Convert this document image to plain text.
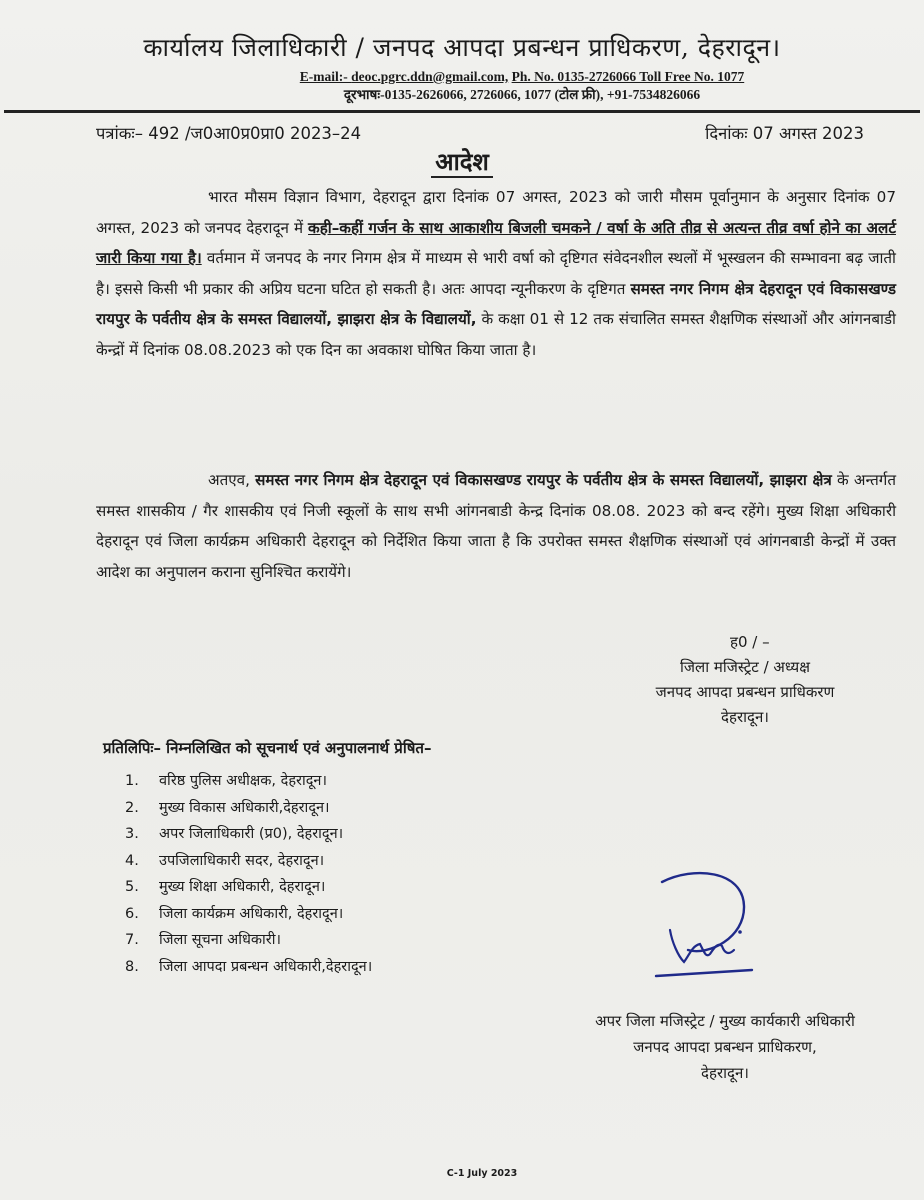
कार्यालय जिलाधिकारी / जनपद आपदा प्रबन्धन प्राधिकरण, देहरादून।
E-mail:- deoc.pgrc.ddn@gmail.com, Ph. No. 0135-2726066 Toll Free No. 1077
दूरभाषः-0135-2626066, 2726066, 1077 (टोल फ्री), +91-7534826066
पत्रांकः– 492 /ज0आ0प्र0प्रा0 2023–24	दिनांकः 07 अगस्त 2023
आदेश
भारत मौसम विज्ञान विभाग, देहरादून द्वारा दिनांक 07 अगस्त, 2023 को जारी मौसम पूर्वानुमान के अनुसार दिनांक 07 अगस्त, 2023 को जनपद देहरादून में कही–कहीं गर्जन के साथ आकाशीय बिजली चमकने / वर्षा के अति तीव्र से अत्यन्त तीव्र वर्षा होने का अलर्ट जारी किया गया है। वर्तमान में जनपद के नगर निगम क्षेत्र में माध्यम से भारी वर्षा को दृष्टिगत संवेदनशील स्थलों में भूस्खलन की सम्भावना बढ़ जाती है। इससे किसी भी प्रकार की अप्रिय घटना घटित हो सकती है। अतः आपदा न्यूनीकरण के दृष्टिगत समस्त नगर निगम क्षेत्र देहरादून एवं विकासखण्ड रायपुर के पर्वतीय क्षेत्र के समस्त विद्यालयों, झाझरा क्षेत्र के विद्यालयों, के कक्षा 01 से 12 तक संचालित समस्त शैक्षणिक संस्थाओं और आंगनबाडी केन्द्रों में दिनांक 08.08.2023 को एक दिन का अवकाश घोषित किया जाता है।
अतएव, समस्त नगर निगम क्षेत्र देहरादून एवं विकासखण्ड रायपुर के पर्वतीय क्षेत्र के समस्त विद्यालयों, झाझरा क्षेत्र के अन्तर्गत समस्त शासकीय / गैर शासकीय एवं निजी स्कूलों के साथ सभी आंगनबाडी केन्द्र दिनांक 08.08. 2023 को बन्द रहेंगे। मुख्य शिक्षा अधिकारी देहरादून एवं जिला कार्यक्रम अधिकारी देहरादून को निर्देशित किया जाता है कि उपरोक्त समस्त शैक्षणिक संस्थाओं एवं आंगनबाडी केन्द्रों में उक्त आदेश का अनुपालन कराना सुनिश्चित करायेंगे।
ह0 / –
जिला मजिस्ट्रेट / अध्यक्ष
जनपद आपदा प्रबन्धन प्राधिकरण
देहरादून।
प्रतिलिपिः– निम्नलिखित को सूचनार्थ एवं अनुपालनार्थ प्रेषित–
1.	वरिष्ठ पुलिस अधीक्षक, देहरादून।
2.	मुख्य विकास अधिकारी,देहरादून।
3.	अपर जिलाधिकारी (प्र0), देहरादून।
4.	उपजिलाधिकारी सदर, देहरादून।
5.	मुख्य शिक्षा अधिकारी, देहरादून।
6.	जिला कार्यक्रम अधिकारी, देहरादून।
7.	जिला सूचना अधिकारी।
8.	जिला आपदा प्रबन्धन अधिकारी,देहरादून।
अपर जिला मजिस्ट्रेट / मुख्य कार्यकारी अधिकारी
जनपद आपदा प्रबन्धन प्राधिकरण,
देहरादून।
C-1 July 2023
